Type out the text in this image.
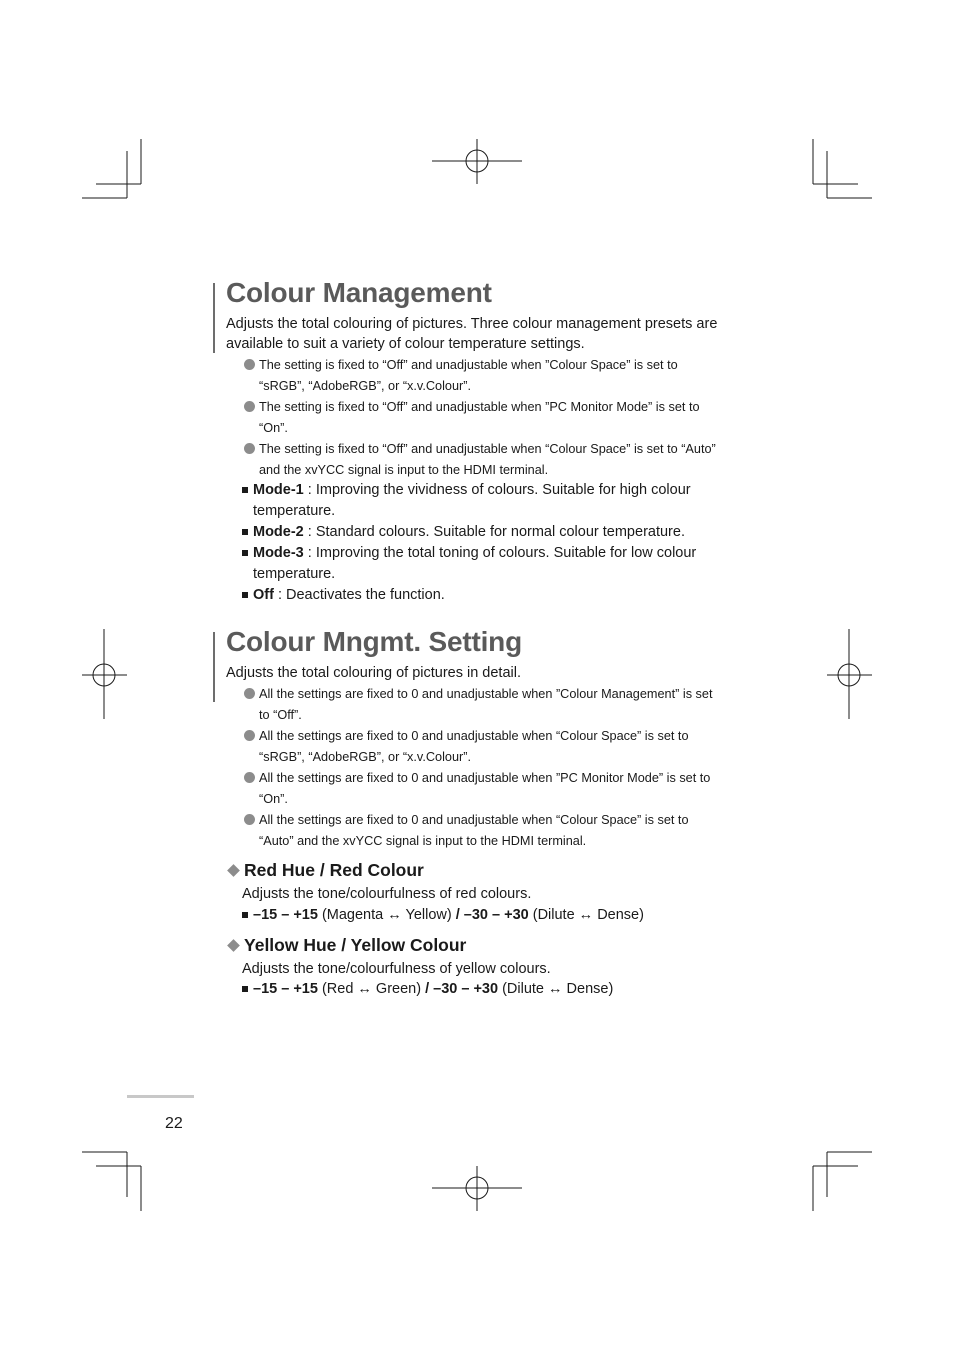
Colour Management
Adjusts the total colouring of pictures. Three colour management presets are available to suit a variety of colour temperature settings.
The setting is fixed to “Off” and unadjustable when ”Colour Space” is set to “sRGB”, “AdobeRGB”, or “x.v.Colour”.
The setting is fixed to “Off” and unadjustable when ”PC Monitor Mode” is set to “On”.
The setting is fixed to “Off” and unadjustable when “Colour Space” is set to “Auto” and the xvYCC signal is input to the HDMI terminal.
Mode-1 : Improving the vividness of colours. Suitable for high colour temperature.
Mode-2 : Standard colours. Suitable for normal colour temperature.
Mode-3 : Improving the total toning of colours. Suitable for low colour temperature.
Off : Deactivates the function.
Colour Mngmt. Setting
Adjusts the total colouring of pictures in detail.
All the settings are fixed to 0 and unadjustable when ”Colour Management” is set to “Off”.
All the settings are fixed to 0 and unadjustable when “Colour Space” is set to “sRGB”, “AdobeRGB”, or “x.v.Colour”.
All the settings are fixed to 0 and unadjustable when ”PC Monitor Mode” is set to “On”.
All the settings are fixed to 0 and unadjustable when “Colour Space” is set to “Auto” and the xvYCC signal is input to the HDMI terminal.
Red Hue / Red Colour
Adjusts the tone/colourfulness of red colours.
–15 – +15 (Magenta ↔ Yellow) / –30 – +30 (Dilute ↔ Dense)
Yellow Hue / Yellow Colour
Adjusts the tone/colourfulness of yellow colours.
–15 – +15 (Red ↔ Green) / –30 – +30 (Dilute ↔ Dense)
22
